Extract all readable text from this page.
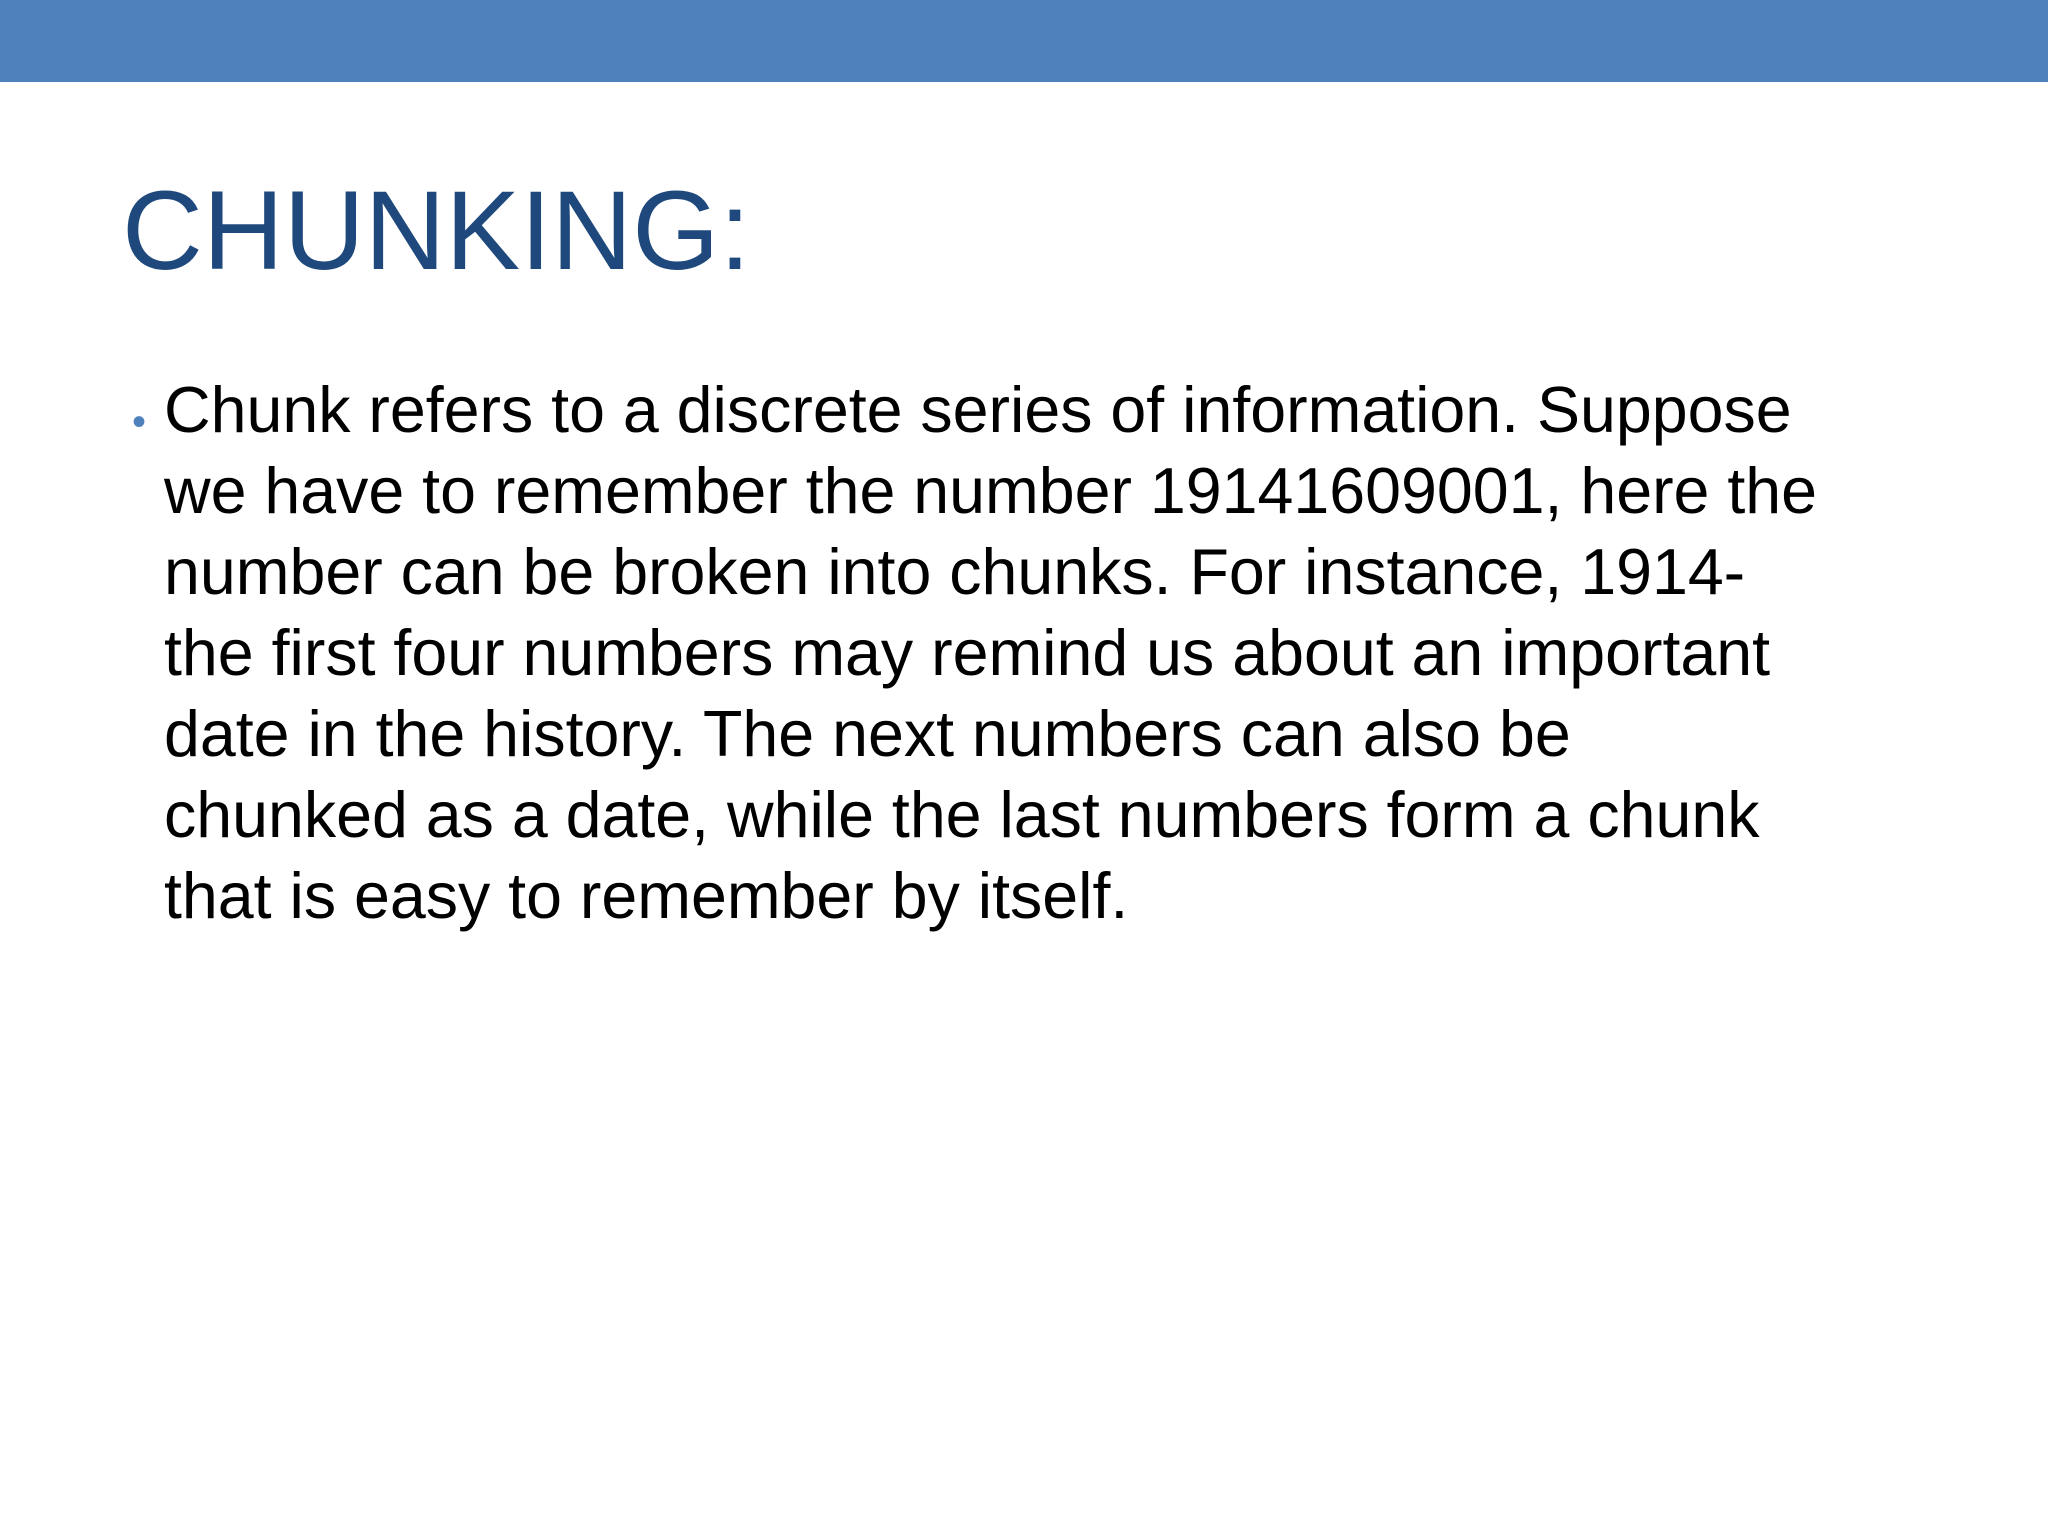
CHUNKING:
• Chunk refers to a discrete series of information. Suppose
we have to remember the number 19141609001, here the
number can be broken into chunks. For instance, 1914-
the first four numbers may remind us about an important
date in the history. The next numbers can also be
chunked as a date, while the last numbers form a chunk
that is easy to remember by itself.
